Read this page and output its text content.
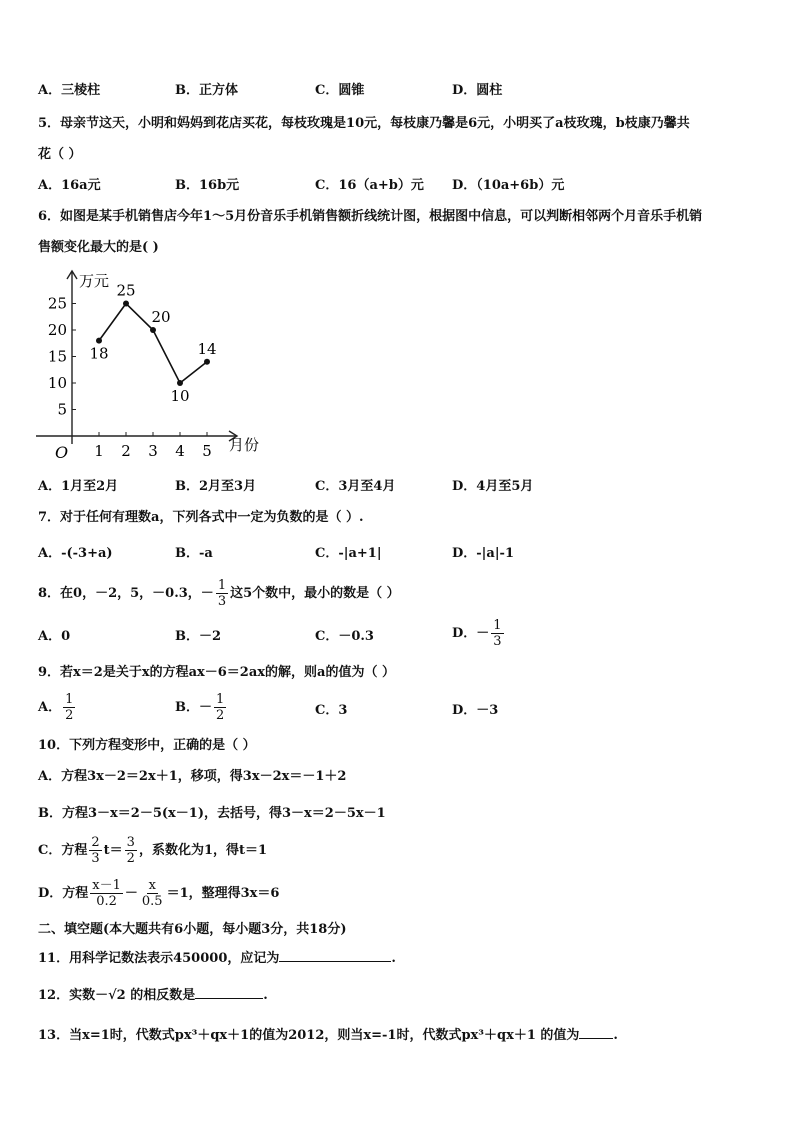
A．三棱柱	B．正方体	C．圆锥	D．圆柱
5．母亲节这天，小明和妈妈到花店买花，每枝玫瑰是10元，每枝康乃馨是6元，小明买了a枝玫瑰，b枝康乃馨共
花（ ）
A．16a元	B．16b元	C．16（a+b）元 D．（10a+6b）元
6．如图是某手机销售店今年1～5月份音乐手机销售额折线统计图，根据图中信息，可以判断相邻两个月音乐手机销
售额变化最大的是( )
万元
月份
O
5
10
15
20
25
1 2 3 4 5
18
25
20
10
14
A．1月至2月	B．2月至3月	C．3月至4月	D．4月至5月
7．对于任何有理数a，下列各式中一定为负数的是（ ）.
A．-(-3+a)	B．-a	C．-|a+1|	D．-|a|-1
8．在0，－2，5，－0.3，－ $\frac{1}{3}$ 这5个数中，最小的数是（ ）
A．0	B．－2	C．－0.3	D．－ $\frac{1}{3}$
9．若x＝2是关于x的方程ax－6＝2ax的解，则a的值为（ ）
A． $\frac{1}{2}$	B．－ $\frac{1}{2}$	C．3	D．－3
10．下列方程变形中，正确的是（ ）
A．方程3x－2＝2x＋1，移项，得3x－2x＝－1＋2
B．方程3－x＝2－5(x－1)，去括号，得3－x＝2－5x－1
C．方程 $\frac{2}{3} t= \frac{3}{2}$ ，系数化为1，得t＝1
D．方程 $\frac{x-1}{0.2} - \frac{x}{0.5} =1$，整理得3x＝6
二、填空题(本大题共有6小题，每小题3分，共18分)
11．用科学记数法表示450000，应记为	.
12．实数－√2 的相反数是	.
13．当x=1时，代数式px³＋qx＋1的值为2012，则当x=-1时，代数式px³＋qx＋1 的值为	.
